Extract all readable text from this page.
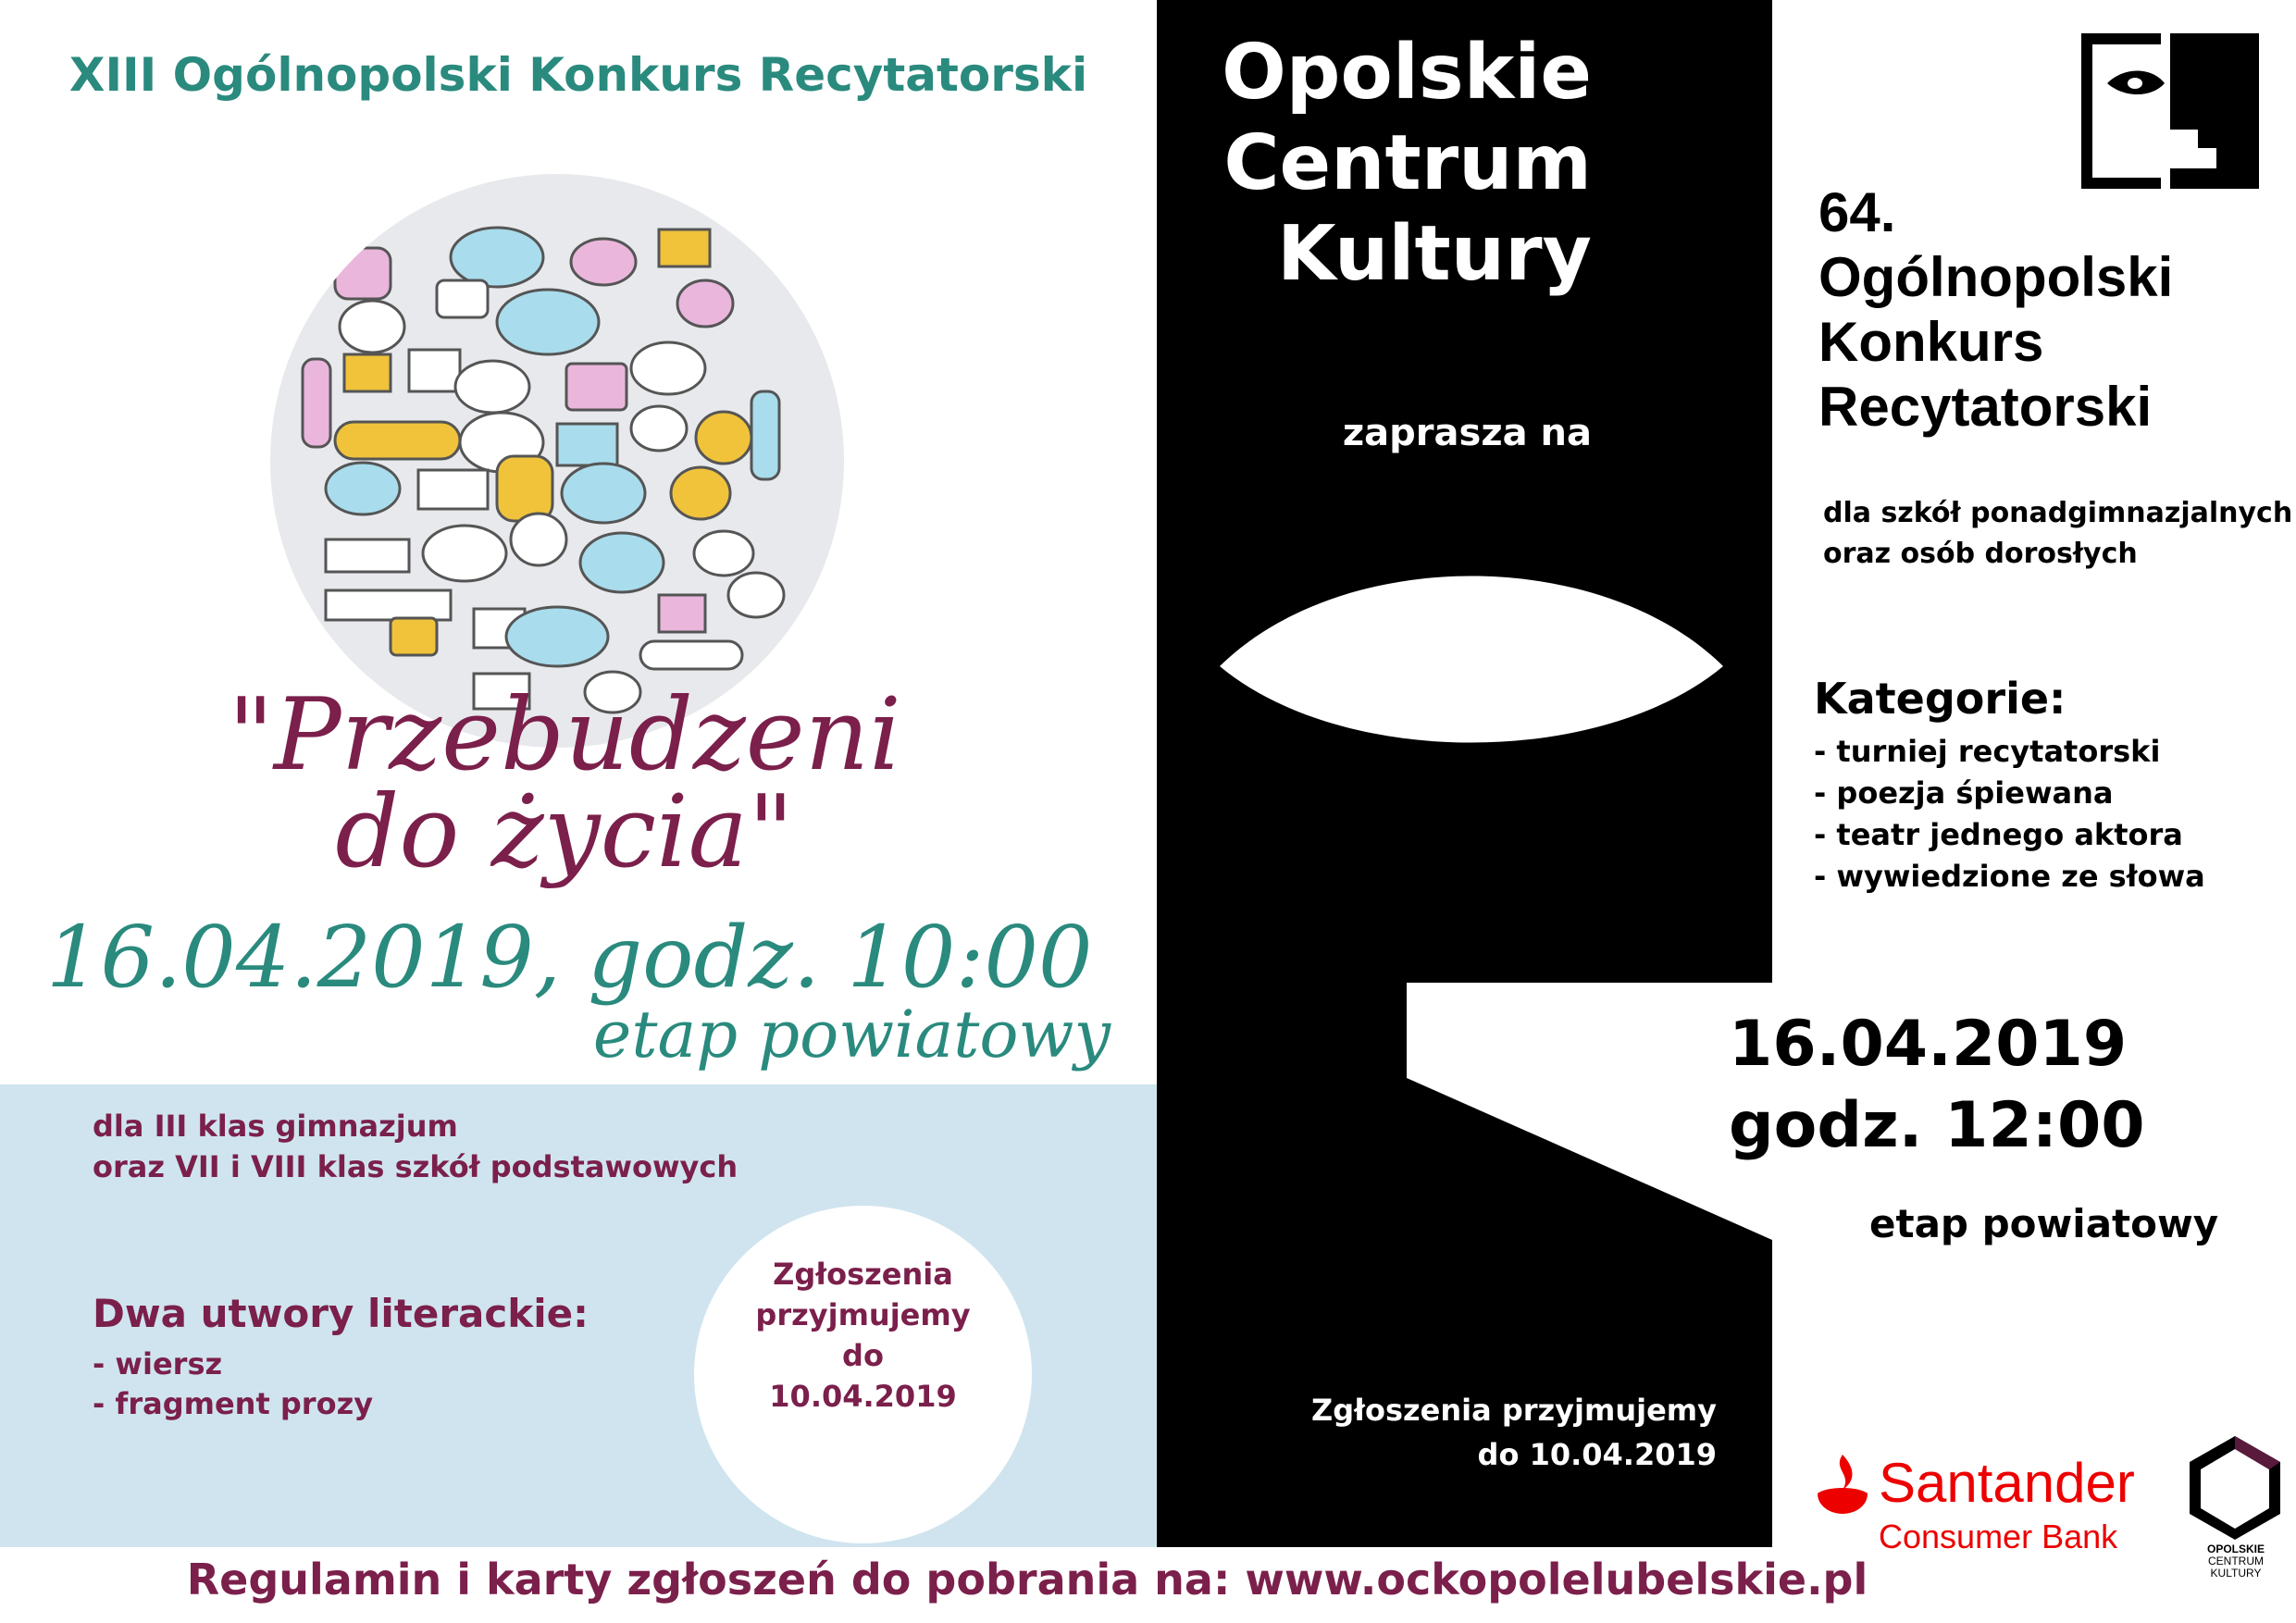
XIII Ogólnopolski Konkurs Recytatorski
"Przebudzeni
do życia"
16.04.2019, godz. 10:00
etap powiatowy
dla III klas gimnazjum
oraz VII i VIII klas szkół podstawowych
Dwa utwory literackie:
- wiersz
- fragment prozy
Zgłoszenia
przyjmujemy
do
10.04.2019
Opolskie
Centrum
Kultury
zaprasza na
Zgłoszenia przyjmujemy
do 10.04.2019
64.
Ogólnopolski
Konkurs
Recytatorski
dla szkół ponadgimnazjalnych
oraz osób dorosłych
Kategorie:
- turniej recytatorski
- poezja śpiewana
- teatr jednego aktora
- wywiedzione ze słowa
16.04.2019
godz. 12:00
etap powiatowy
Santander
Consumer Bank	OPOLSKIE
CENTRUM
KULTURY
Regulamin i karty zgłoszeń do pobrania na: www.ockopolelubelskie.pl
